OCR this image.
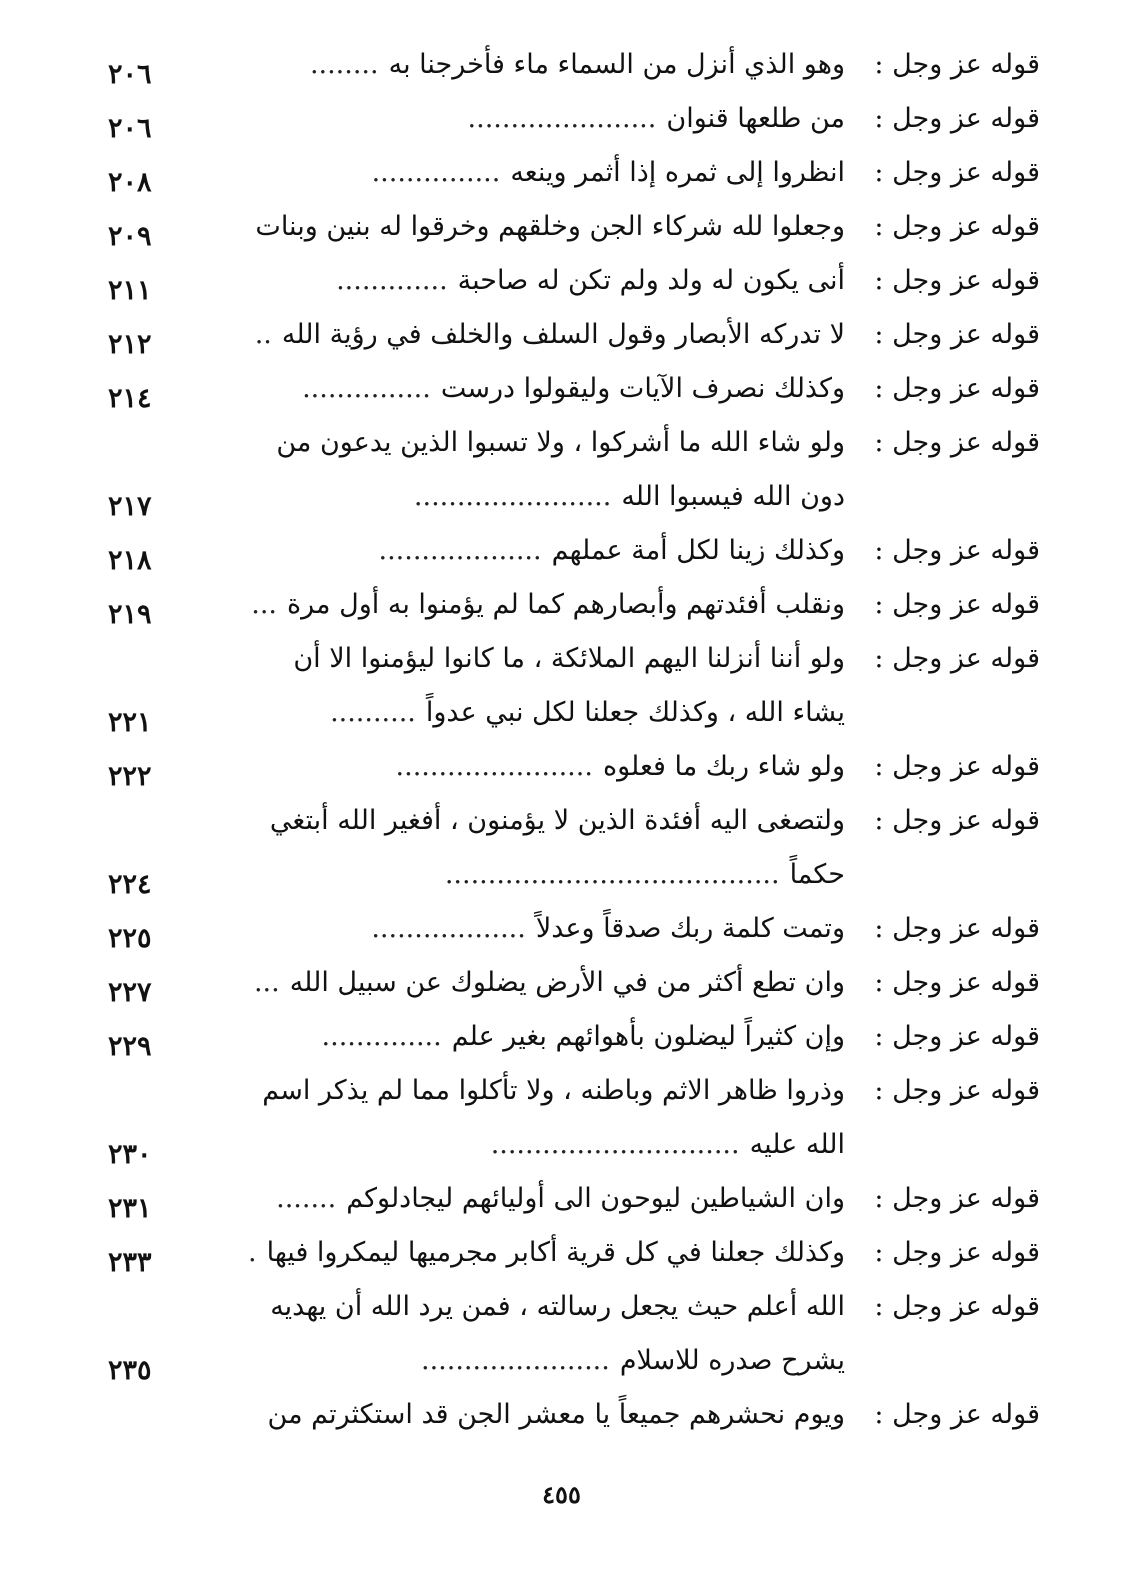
قوله عز وجل :
وهو الذي أنزل من السماء ماء فأخرجنا به........
٢٠٦
قوله عز وجل :
من طلعها قنوان......................
٢٠٦
قوله عز وجل :
انظروا إلى ثمره إذا أثمر وينعه...............
٢٠٨
قوله عز وجل :
وجعلوا لله شركاء الجن وخلقهم وخرقوا له بنين وبنات
٢٠٩
قوله عز وجل :
أنى يكون له ولد ولم تكن له صاحبة.............
٢١١
قوله عز وجل :
لا تدركه الأبصار وقول السلف والخلف في رؤية الله..
٢١٢
قوله عز وجل :
وكذلك نصرف الآيات وليقولوا درست...............
٢١٤
قوله عز وجل :
ولو شاء الله ما أشركوا ، ولا تسبوا الذين يدعون من
دون الله فيسبوا الله.......................
٢١٧
قوله عز وجل :
وكذلك زينا لكل أمة عملهم...................
٢١٨
قوله عز وجل :
ونقلب أفئدتهم وأبصارهم كما لم يؤمنوا به أول مرة...
٢١٩
قوله عز وجل :
ولو أننا أنزلنا اليهم الملائكة ، ما كانوا ليؤمنوا الا أن
يشاء الله ، وكذلك جعلنا لكل نبي عدواً..........
٢٢١
قوله عز وجل :
ولو شاء ربك ما فعلوه.......................
٢٢٢
قوله عز وجل :
ولتصغى اليه أفئدة الذين لا يؤمنون ، أفغير الله أبتغي
حكماً.......................................
٢٢٤
قوله عز وجل :
وتمت كلمة ربك صدقاً وعدلاً..................
٢٢٥
قوله عز وجل :
وان تطع أكثر من في الأرض يضلوك عن سبيل الله...
٢٢٧
قوله عز وجل :
وإن كثيراً ليضلون بأهوائهم بغير علم..............
٢٢٩
قوله عز وجل :
وذروا ظاهر الاثم وباطنه ، ولا تأكلوا مما لم يذكر اسم
الله عليه.............................
٢٣٠
قوله عز وجل :
وان الشياطين ليوحون الى أوليائهم ليجادلوكم.......
٢٣١
قوله عز وجل :
وكذلك جعلنا في كل قرية أكابر مجرميها ليمكروا فيها.
٢٣٣
قوله عز وجل :
الله أعلم حيث يجعل رسالته ، فمن يرد الله أن يهديه
يشرح صدره للاسلام......................
٢٣٥
قوله عز وجل :
ويوم نحشرهم جميعاً يا معشر الجن قد استكثرتم من
٤٥٥
